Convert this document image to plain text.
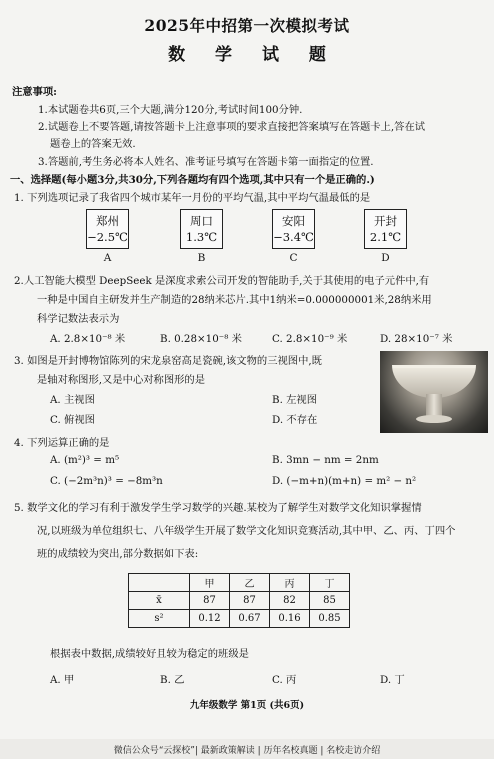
2025年中招第一次模拟考试
数 学 试 题
注意事项:
1.本试题卷共6页,三个大题,满分120分,考试时间100分钟.
2.试题卷上不要答题,请按答题卡上注意事项的要求直接把答案填写在答题卡上,答在试
题卷上的答案无效.
3.答题前,考生务必将本人姓名、准考证号填写在答题卡第一面指定的位置.
一、选择题(每小题3分,共30分,下列各题均有四个选项,其中只有一个是正确的.)
1. 下列选项记录了我省四个城市某年一月份的平均气温,其中平均气温最低的是
郑州
−2.5℃
周口
1.3℃
安阳
−3.4℃
开封
2.1℃
A	B	C	D
2.人工智能大模型 DeepSeek 是深度求索公司开发的智能助手,关于其使用的电子元件中,有
一种是中国自主研发并生产制造的28纳米芯片.其中1纳米=0.000000001米,28纳米用
科学记数法表示为
A. 2.8×10⁻⁸ 米	B. 0.28×10⁻⁸ 米	C. 2.8×10⁻⁹ 米	D. 28×10⁻⁷ 米
3. 如图是开封博物馆陈列的宋龙泉窑高足瓷碗,该文物的三视图中,既
是轴对称图形,又是中心对称图形的是
A. 主视图	B. 左视图
C. 俯视图	D. 不存在
4. 下列运算正确的是
A. (m²)³ = m⁵	B. 3mn − nm = 2nm
C. (−2m³n)³ = −8m³n	D. (−m+n)(m+n) = m² − n²
5. 数学文化的学习有利于激发学生学习数学的兴趣.某校为了解学生对数学文化知识掌握情
况,以班级为单位组织七、八年级学生开展了数学文化知识竞赛活动,其中甲、乙、丙、丁四个
班的成绩较为突出,部分数据如下表:
	甲	乙	丙	丁
x̄	87	87	82	85
s²	0.12	0.67	0.16	0.85
根据表中数据,成绩较好且较为稳定的班级是
A. 甲	B. 乙	C. 丙	D. 丁
九年级数学 第1页 (共6页)
微信公众号“云探校”| 最新政策解读 | 历年名校真题 | 名校走访介绍
